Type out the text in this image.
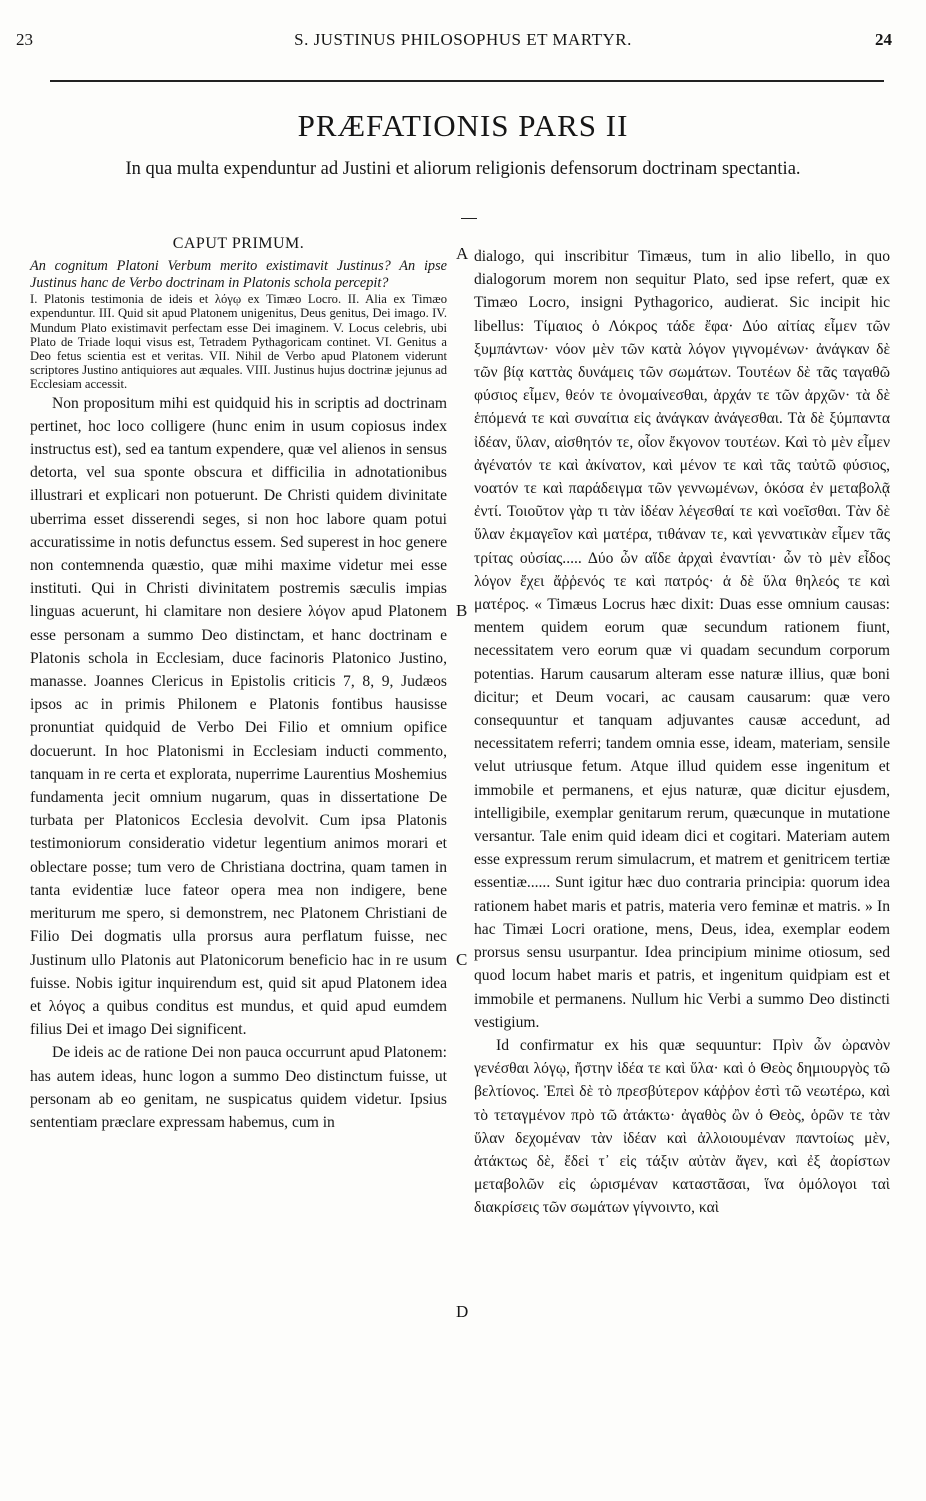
23	S. JUSTINUS PHILOSOPHUS ET MARTYR.	24
PRÆFATIONIS PARS II
In qua multa expenduntur ad Justini et aliorum religionis defensorum doctrinam spectantia.
CAPUT PRIMUM.

An cognitum Platoni Verbum merito existimavit Justinus? An ipse Justinus hanc de Verbo doctrinam in Platonis schola percepit?

I. Platonis testimonia de ideis et λόγῳ ex Timæo Locro. II. Alia ex Timæo expenduntur. III. Quid sit apud Platonem unigenitus, Deus genitus, Dei imago. IV. Mundum Plato existimavit perfectam esse Dei imaginem. V. Locus celebris, ubi Plato de Triade loqui visus est, Tetradem Pythagoricam continet. VI. Genitus a Deo fetus scientia est et veritas. VII. Nihil de Verbo apud Platonem viderunt scriptores Justino antiquiores aut æquales. VIII. Justinus hujus doctrinæ jejunus ad Ecclesiam accessit.

Non propositum mihi est quidquid his in scriptis ad doctrinam pertinet, hoc loco colligere (hunc enim in usum copiosus index instructus est), sed ea tantum expendere, quæ vel alienos in sensus detorta, vel sua sponte obscura et difficilia in adnotationibus illustrari et explicari non potuerunt. De Christi quidem divinitate uberrima esset disserendi seges, si non hoc labore quam potui accuratissime in notis defunctus essem. Sed superest in hoc genere non contemnenda quæstio, quæ mihi maxime videtur mei esse instituti. Qui in Christi divinitatem postremis sæculis impias linguas acuerunt, hi clamitare non desiere λόγον apud Platonem esse personam a summo Deo distinctam, et hanc doctrinam e Platonis schola in Ecclesiam, duce facinoris Platonico Justino, manasse. Joannes Clericus in Epistolis criticis 7, 8, 9, Judæos ipsos ac in primis Philonem e Platonis fontibus hausisse pronuntiat quidquid de Verbo Dei Filio et omnium opifice docuerunt. In hoc Platonismi in Ecclesiam inducti commento, tanquam in re certa et explorata, nuperrime Laurentius Moshemius fundamenta jecit omnium nugarum, quas in dissertatione De turbata per Platonicos Ecclesia devolvit. Cum ipsa Platonis testimoniorum consideratio videtur legentium animos morari et oblectare posse; tum vero de Christiana doctrina, quam tamen in tanta evidentiæ luce fateor opera mea non indigere, bene meriturum me spero, si demonstrem, nec Platonem Christiani de Filio Dei dogmatis ulla prorsus aura perflatum fuisse, nec Justinum ullo Platonis aut Platonicorum beneficio hac in re usum fuisse. Nobis igitur inquirendum est, quid sit apud Platonem idea et λόγος a quibus conditus est mundus, et quid apud eumdem filius Dei et imago Dei significent.

De ideis ac de ratione Dei non pauca occurrunt apud Platonem: has autem ideas, hunc logon a summo Deo distinctum fuisse, ut personam ab eo genitam, ne suspicatus quidem videtur. Ipsius sententiam præclare expressam habemus, cum in

dialogo, qui inscribitur Timæus, tum in alio libello, in quo dialogorum morem non sequitur Plato, sed ipse refert, quæ ex Timæo Locro, insigni Pythagorico, audierat. Sic incipit hic libellus: Τίμαιος ὁ Λόκρος τάδε ἔφα· Δύο αἰτίας εἶμεν τῶν ξυμπάντων· νόον μὲν τῶν κατὰ λόγον γιγνομένων· ἀνάγκαν δὲ τῶν βίᾳ καττὰς δυνάμεις τῶν σωμάτων. Τουτέων δὲ τᾶς ταγαθῶ φύσιος εἶμεν, θεόν τε ὀνομαίνεσθαι, ἀρχάν τε τῶν ἀρχῶν· τὰ δὲ ἑπόμενά τε καὶ συναίτια εἰς ἀνάγκαν ἀνάγεσθαι. Τὰ δὲ ξύμπαντα ἰδέαν, ὕλαν, αἰσθητόν τε, οἷον ἔκγονον τουτέων. Καὶ τὸ μὲν εἶμεν ἀγένατόν τε καὶ ἀκίνατον, καὶ μένον τε καὶ τᾶς ταὐτῶ φύσιος, νοατόν τε καὶ παράδειγμα τῶν γεννωμένων, ὁκόσα ἐν μεταβολᾷ ἐντί. Τοιοῦτον γὰρ τι τὰν ἰδέαν λέγεσθαί τε καὶ νοεῖσθαι. Τὰν δὲ ὕλαν ἐκμαγεῖον καὶ ματέρα, τιθάναν τε, καὶ γεννατικὰν εἶμεν τᾶς τρίτας οὐσίας..... Δύο ὦν αἵδε ἀρχαὶ ἐναντίαι· ὧν τὸ μὲν εἶδος λόγον ἔχει ἄῤῥενός τε καὶ πατρός· ἁ δὲ ὕλα θηλεός τε καὶ ματέρος. « Timæus Locrus hæc dixit: Duas esse omnium causas: mentem quidem eorum quæ secundum rationem fiunt, necessitatem vero eorum quæ vi quadam secundum corporum potentias. Harum causarum alteram esse naturæ illius, quæ boni dicitur; et Deum vocari, ac causam causarum: quæ vero consequuntur et tanquam adjuvantes causæ accedunt, ad necessitatem referri; tandem omnia esse, ideam, materiam, sensile velut utriusque fetum. Atque illud quidem esse ingenitum et immobile et permanens, et ejus naturæ, quæ dicitur ejusdem, intelligibile, exemplar genitarum rerum, quæcunque in mutatione versantur. Tale enim quid ideam dici et cogitari. Materiam autem esse expressum rerum simulacrum, et matrem et genitricem tertiæ essentiæ...... Sunt igitur hæc duo contraria principia: quorum idea rationem habet maris et patris, materia vero feminæ et matris. » In hac Timæi Locri oratione, mens, Deus, idea, exemplar eodem prorsus sensu usurpantur. Idea principium minime otiosum, sed quod locum habet maris et patris, et ingenitum quidpiam est et immobile et permanens. Nullum hic Verbi a summo Deo distincti vestigium.

Id confirmatur ex his quæ sequuntur: Πρὶν ὦν ὠρανὸν γενέσθαι λόγῳ, ἤστην ἰδέα τε καὶ ὕλα· καὶ ὁ Θεὸς δημιουργὸς τῶ βελτίονος. Ἐπεὶ δὲ τὸ πρεσβύτερον κάῤῥον ἐστὶ τῶ νεωτέρω, καὶ τὸ τεταγμένον πρὸ τῶ ἀτάκτω· ἀγαθὸς ὢν ὁ Θεὸς, ὁρῶν τε τὰν ὕλαν δεχομέναν τὰν ἰδέαν καὶ ἀλλοιουμέναν παντοίως μὲν, ἀτάκτως δὲ, ἔδεἰ τ᾽ εἰς τάξιν αὐτὰν ἄγεν, καὶ ἐξ ἀορίστων μεταβολῶν εἰς ὡρισμέναν καταστᾶσαι, ἵνα ὁμόλογοι ταὶ διακρίσεις τῶν σωμάτων γίγνοιντο, καὶ

A
B
C
D
